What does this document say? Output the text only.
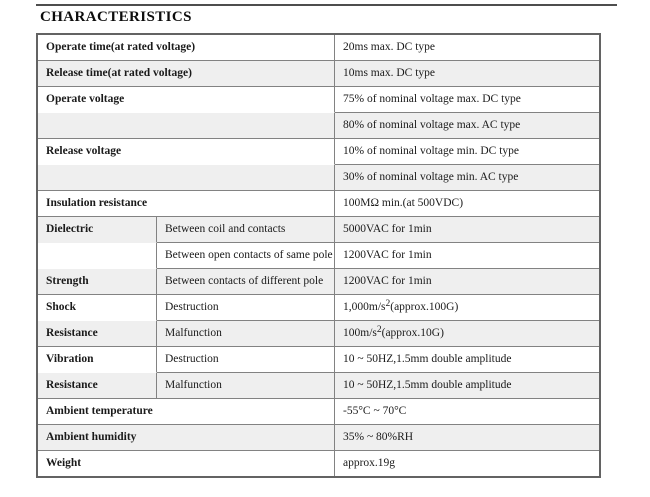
CHARACTERISTICS
Operate time(at rated voltage)		20ms max. DC type
Release time(at rated voltage)		10ms max. DC type
Operate voltage		75% of nominal voltage max. DC type
		80% of nominal voltage max. AC type
Release voltage		10% of nominal voltage min. DC type
		30% of nominal voltage min. AC type
Insulation resistance		100MΩ min.(at 500VDC)
Dielectric	Between coil and contacts	5000VAC for 1min
	Between open contacts of same pole	1200VAC for 1min
Strength	Between contacts of different pole	1200VAC for 1min
Shock	Destruction	$1,000m/s^2(approx.100G)$
Resistance	Malfunction	$100m/s^2(approx.10G)$
Vibration	Destruction	10 ~ 50HZ,1.5mm double amplitude
Resistance	Malfunction	10 ~ 50HZ,1.5mm double amplitude
Ambient temperature		-55°C ~ 70°C
Ambient humidity		35% ~ 80%RH
Weight		approx.19g
